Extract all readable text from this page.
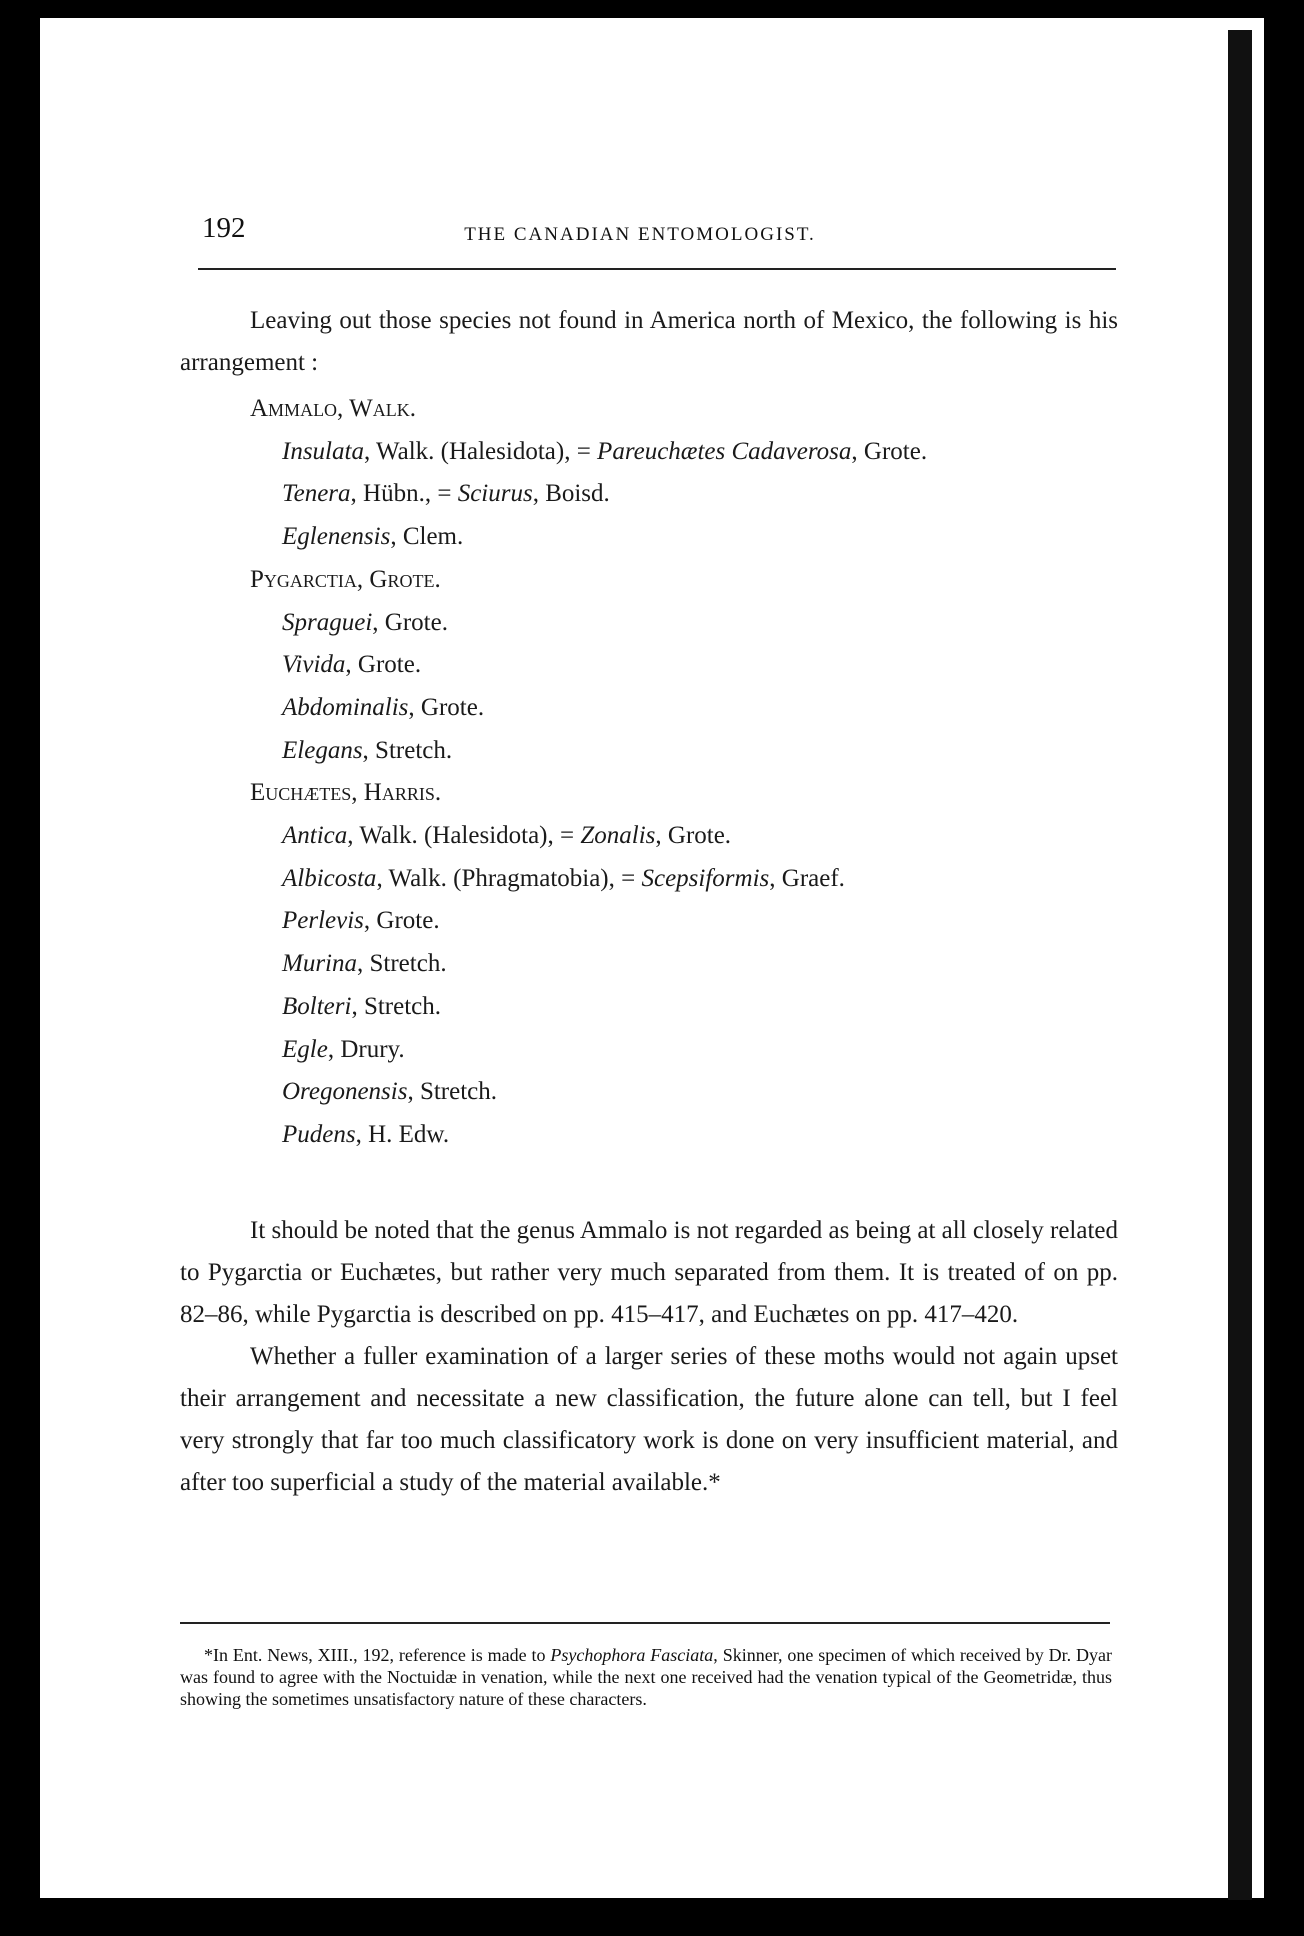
192	THE CANADIAN ENTOMOLOGIST.

Leaving out those species not found in America north of Mexico, the following is his arrangement :

Ammalo, Walk.
Insulata, Walk. (Halesidota), = Pareuchætes Cadaverosa, Grote.
Tenera, Hübn., = Sciurus, Boisd.
Eglenensis, Clem.
Pygarctia, Grote.
Spraguei, Grote.
Vivida, Grote.
Abdominalis, Grote.
Elegans, Stretch.
Euchætes, Harris.
Antica, Walk. (Halesidota), = Zonalis, Grote.
Albicosta, Walk. (Phragmatobia), = Scepsiformis, Graef.
Perlevis, Grote.
Murina, Stretch.
Bolteri, Stretch.
Egle, Drury.
Oregonensis, Stretch.
Pudens, H. Edw.

It should be noted that the genus Ammalo is not regarded as being at all closely related to Pygarctia or Euchætes, but rather very much separated from them. It is treated of on pp. 82–86, while Pygarctia is described on pp. 415–417, and Euchætes on pp. 417–420.

Whether a fuller examination of a larger series of these moths would not again upset their arrangement and necessitate a new classification, the future alone can tell, but I feel very strongly that far too much classificatory work is done on very insufficient material, and after too superficial a study of the material available.*

*In Ent. News, XIII., 192, reference is made to Psychophora Fasciata, Skinner, one specimen of which received by Dr. Dyar was found to agree with the Noctuidæ in venation, while the next one received had the venation typical of the Geometridæ, thus showing the sometimes unsatisfactory nature of these characters.
